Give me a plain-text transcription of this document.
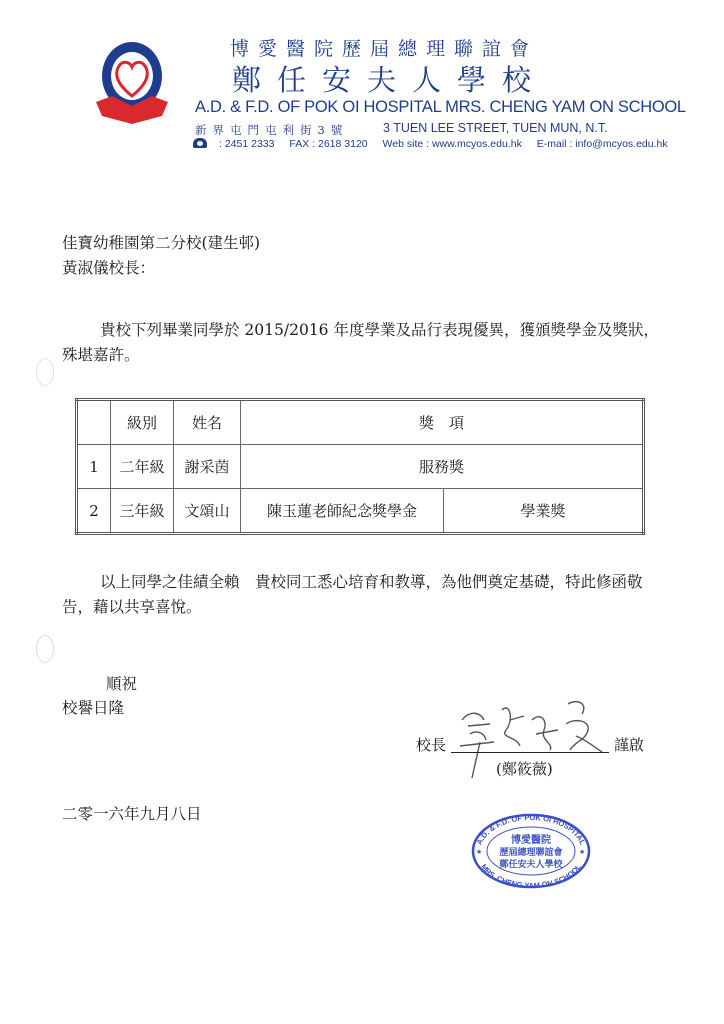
博愛醫院歷屆總理聯誼會
鄭任安夫人學校
A.D. & F.D. OF POK OI HOSPITAL MRS. CHENG YAM ON SCHOOL
新界屯門屯利街3號	3 TUEN LEE STREET, TUEN MUN, N.T.
: 2451 2333 FAX : 2618 3120 Web site : www.mcyos.edu.hk E-mail : info@mcyos.edu.hk
佳寶幼稚園第二分校(建生邨)
黃淑儀校長：
貴校下列畢業同學於 2015/2016 年度學業及品行表現優異，獲頒獎學金及獎狀，殊堪嘉許。
	級別	姓名	獎　項	
1	二年級	謝采茵	服務獎	
2	三年級	文頌山	陳玉蓮老師紀念獎學金	學業獎
以上同學之佳績全賴　貴校同工悉心培育和教導，為他們奠定基礎，特此修函敬告，藉以共享喜悅。
順祝
校譽日隆
校長	謹啟
(鄭筱薇)
二零一六年九月八日
A.D. & F.D. OF POK OI HOSPITAL
MRS. CHENG YAM ON SCHOOL
博愛醫院
歷屆總理聯誼會
鄭任安夫人學校
★	★
